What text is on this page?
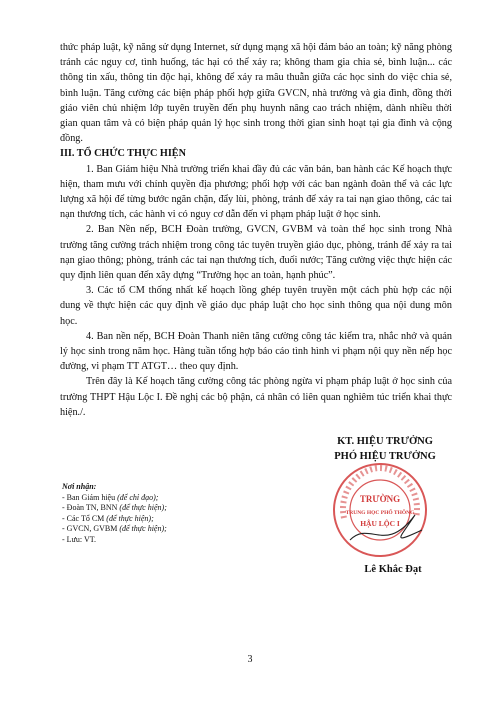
thức pháp luật, kỹ năng sử dụng Internet, sử dụng mạng xã hội đảm bảo an toàn; kỹ năng phòng tránh các nguy cơ, tình huống, tác hại có thể xảy ra; không tham gia chia sẻ, bình luận... các thông tin xấu, thông tin độc hại, không để xảy ra mâu thuẫn giữa các học sinh do việc chia sẻ, bình luận. Tăng cường các biện pháp phối hợp giữa GVCN, nhà trường và gia đình, đồng thời giáo viên chủ nhiệm lớp tuyên truyền đến phụ huynh nâng cao trách nhiệm, dành nhiều thời gian quan tâm và có biện pháp quản lý học sinh trong thời gian sinh hoạt tại gia đình và cộng đồng.

III. TỔ CHỨC THỰC HIỆN

1. Ban Giám hiệu Nhà trường triển khai đầy đủ các văn bản, ban hành các Kế hoạch thực hiện, tham mưu với chính quyền địa phương; phối hợp với các ban ngành đoàn thể và các lực lượng xã hội để từng bước ngăn chặn, đẩy lùi, phòng, tránh để xảy ra tai nạn giao thông, các tai nạn thương tích, các hành vi có nguy cơ dẫn đến vi phạm pháp luật ở học sinh.

2. Ban Nền nếp, BCH Đoàn trường, GVCN, GVBM và toàn thể học sinh trong Nhà trường tăng cường trách nhiệm trong công tác tuyên truyền giáo dục, phòng, tránh để xảy ra tai nạn giao thông; phòng, tránh các tai nạn thương tích, đuối nước; Tăng cường việc thực hiện các quy định liên quan đến xây dựng “Trường học an toàn, hạnh phúc”.

3. Các tổ CM thống nhất kế hoạch lồng ghép tuyên truyền một cách phù hợp các nội dung về thực hiện các quy định về giáo dục pháp luật cho học sinh thông qua nội dung môn học.

4. Ban nền nếp, BCH Đoàn Thanh niên tăng cường công tác kiểm tra, nhắc nhở và quản lý học sinh trong năm học. Hàng tuần tổng hợp báo cáo tình hình vi phạm nội quy nền nếp học đường, vi phạm TT ATGT… theo quy định.

Trên đây là Kế hoạch tăng cường công tác phòng ngừa vi phạm pháp luật ở học sinh của trường THPT Hậu Lộc I. Đề nghị các bộ phận, cá nhân có liên quan nghiêm túc triển khai thực hiện./.

KT. HIỆU TRƯỞNG
PHÓ HIỆU TRƯỞNG
TRƯỜNG
TRUNG HỌC PHỔ THÔNG
HẬU LỘC I
Lê Khắc Đạt
Nơi nhận:
- Ban Giám hiệu (để chỉ đạo);
- Đoàn TN, BNN (để thực hiện);
- Các Tổ CM (để thực hiện);
- GVCN, GVBM (để thực hiện);
- Lưu: VT.
3
